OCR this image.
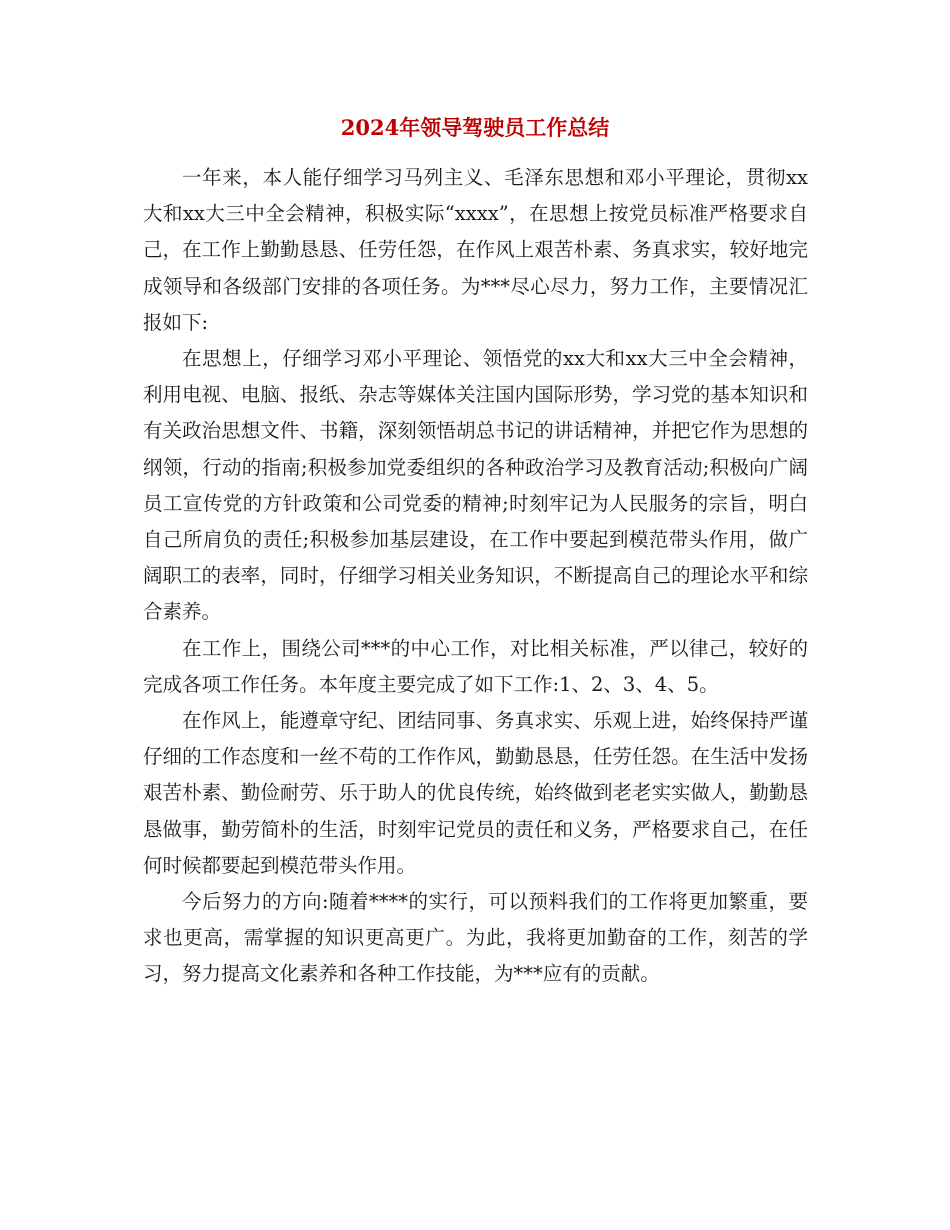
2024年领导驾驶员工作总结

一年来，本人能仔细学习马列主义、毛泽东思想和邓小平理论，贯彻xx大和xx大三中全会精神，积极实际“xxxx”，在思想上按党员标准严格要求自己，在工作上勤勤恳恳、任劳任怨，在作风上艰苦朴素、务真求实，较好地完成领导和各级部门安排的各项任务。为***尽心尽力，努力工作，主要情况汇报如下:

在思想上，仔细学习邓小平理论、领悟党的xx大和xx大三中全会精神，利用电视、电脑、报纸、杂志等媒体关注国内国际形势，学习党的基本知识和有关政治思想文件、书籍，深刻领悟胡总书记的讲话精神，并把它作为思想的纲领，行动的指南;积极参加党委组织的各种政治学习及教育活动;积极向广阔员工宣传党的方针政策和公司党委的精神;时刻牢记为人民服务的宗旨，明白自己所肩负的责任;积极参加基层建设，在工作中要起到模范带头作用，做广阔职工的表率，同时，仔细学习相关业务知识，不断提高自己的理论水平和综合素养。

在工作上，围绕公司***的中心工作，对比相关标准，严以律己，较好的完成各项工作任务。本年度主要完成了如下工作:1、2、3、4、5。

在作风上，能遵章守纪、团结同事、务真求实、乐观上进，始终保持严谨仔细的工作态度和一丝不苟的工作作风，勤勤恳恳，任劳任怨。在生活中发扬艰苦朴素、勤俭耐劳、乐于助人的优良传统，始终做到老老实实做人，勤勤恳恳做事，勤劳简朴的生活，时刻牢记党员的责任和义务，严格要求自己，在任何时候都要起到模范带头作用。

今后努力的方向:随着****的实行，可以预料我们的工作将更加繁重，要求也更高，需掌握的知识更高更广。为此，我将更加勤奋的工作，刻苦的学习，努力提高文化素养和各种工作技能，为***应有的贡献。
